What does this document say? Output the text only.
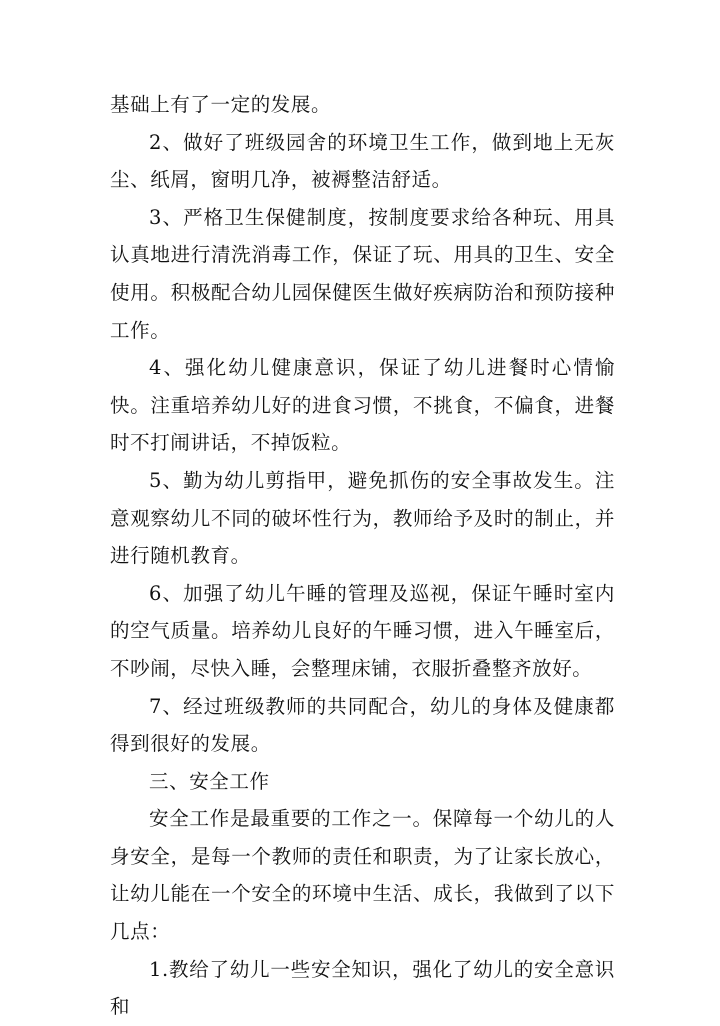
基础上有了一定的发展。

2、做好了班级园舍的环境卫生工作，做到地上无灰尘、纸屑，窗明几净，被褥整洁舒适。

3、严格卫生保健制度，按制度要求给各种玩、用具认真地进行清洗消毒工作，保证了玩、用具的卫生、安全使用。积极配合幼儿园保健医生做好疾病防治和预防接种工作。

4、强化幼儿健康意识，保证了幼儿进餐时心情愉快。注重培养幼儿好的进食习惯，不挑食，不偏食，进餐时不打闹讲话，不掉饭粒。

5、勤为幼儿剪指甲，避免抓伤的安全事故发生。注意观察幼儿不同的破坏性行为，教师给予及时的制止，并进行随机教育。

6、加强了幼儿午睡的管理及巡视，保证午睡时室内的空气质量。培养幼儿良好的午睡习惯，进入午睡室后，不吵闹，尽快入睡，会整理床铺，衣服折叠整齐放好。

7、经过班级教师的共同配合，幼儿的身体及健康都得到很好的发展。

三、安全工作

安全工作是最重要的工作之一。保障每一个幼儿的人身安全，是每一个教师的责任和职责，为了让家长放心，让幼儿能在一个安全的环境中生活、成长，我做到了以下几点：

1.教给了幼儿一些安全知识，强化了幼儿的安全意识和
